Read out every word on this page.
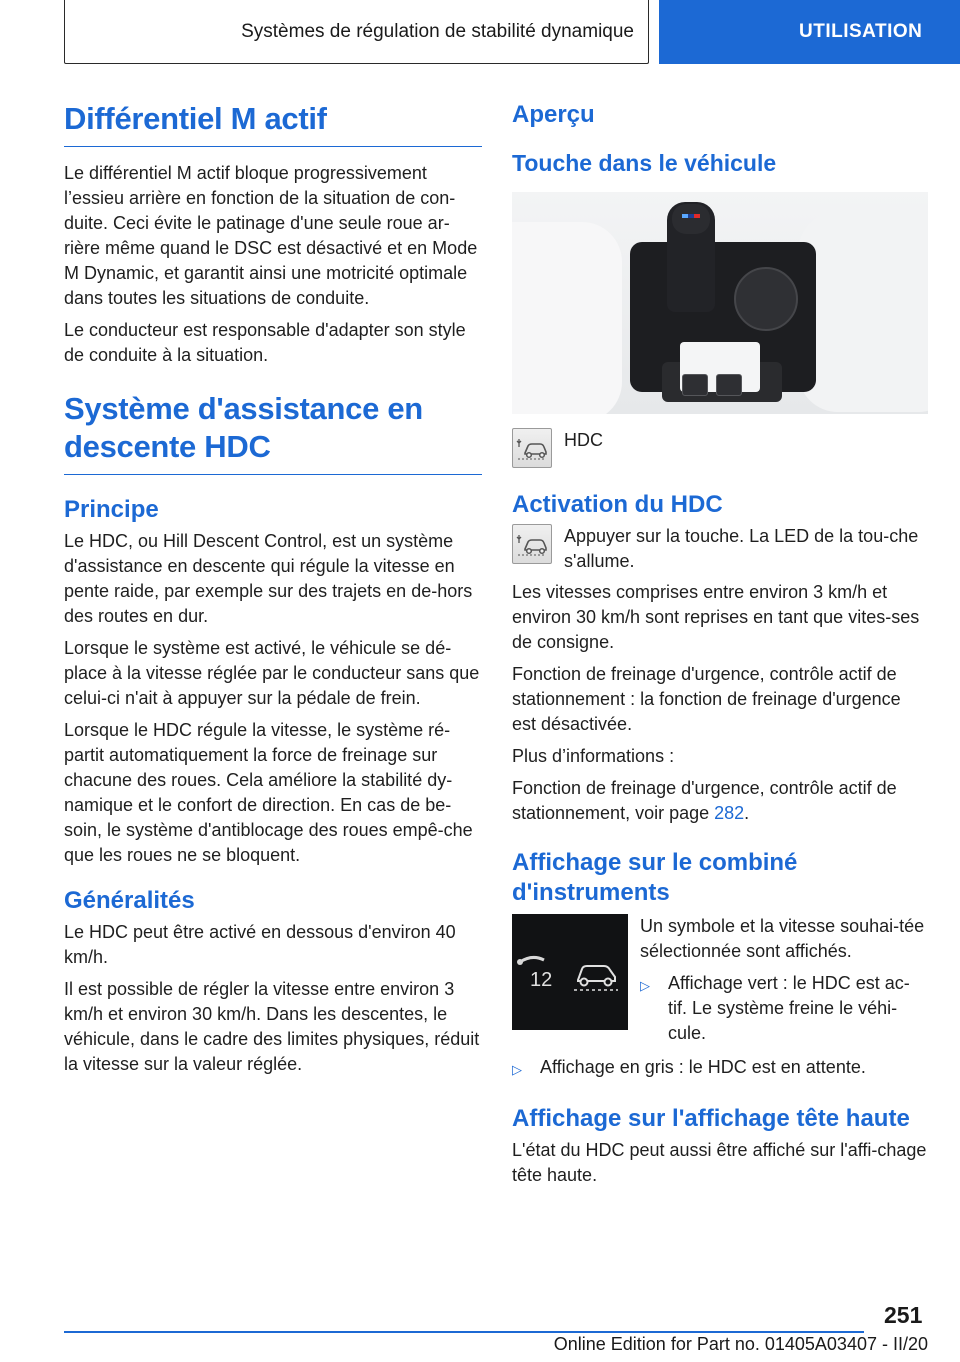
Systèmes de régulation de stabilité dynamique	UTILISATION
Différentiel M actif

Le différentiel M actif bloque progressivement l’essieu arrière en fonction de la situation de con-duite. Ceci évite le patinage d'une seule roue ar-rière même quand le DSC est désactivé et en Mode M Dynamic, et garantit ainsi une motricité optimale dans toutes les situations de conduite.

Le conducteur est responsable d'adapter son style de conduite à la situation.

Système d'assistance en descente HDC
Principe

Le HDC, ou Hill Descent Control, est un système d'assistance en descente qui régule la vitesse en pente raide, par exemple sur des trajets en de-hors des routes en dur.

Lorsque le système est activé, le véhicule se dé-place à la vitesse réglée par le conducteur sans que celui-ci n'ait à appuyer sur la pédale de frein.

Lorsque le HDC régule la vitesse, le système ré-partit automatiquement la force de freinage sur chacune des roues. Cela améliore la stabilité dy-namique et le confort de direction. En cas de be-soin, le système d'antiblocage des roues empê-che que les roues ne se bloquent.

Généralités

Le HDC peut être activé en dessous d'environ 40 km/h.

Il est possible de régler la vitesse entre environ 3 km/h et environ 30 km/h. Dans les descentes, le véhicule, dans le cadre des limites physiques, réduit la vitesse sur la valeur réglée.

Aperçu
Touche dans le véhicule
HDC
Activation du HDC
Appuyer sur la touche. La LED de la tou-che s'allume.

Les vitesses comprises entre environ 3 km/h et environ 30 km/h sont reprises en tant que vites-ses de consigne.

Fonction de freinage d'urgence, contrôle actif de stationnement : la fonction de freinage d'urgence est désactivée.

Plus d’informations :

Fonction de freinage d'urgence, contrôle actif de stationnement, voir page 282.

Affichage sur le combiné d'instruments
12

Un symbole et la vitesse souhai-tée sélectionnée sont affichés.

▷	Affichage vert : le HDC est ac-tif. Le système freine le véhi-cule.
▷	Affichage en gris : le HDC est en attente.
Affichage sur l'affichage tête haute

L'état du HDC peut aussi être affiché sur l'affi-chage tête haute.

251
Online Edition for Part no. 01405A03407 - II/20
